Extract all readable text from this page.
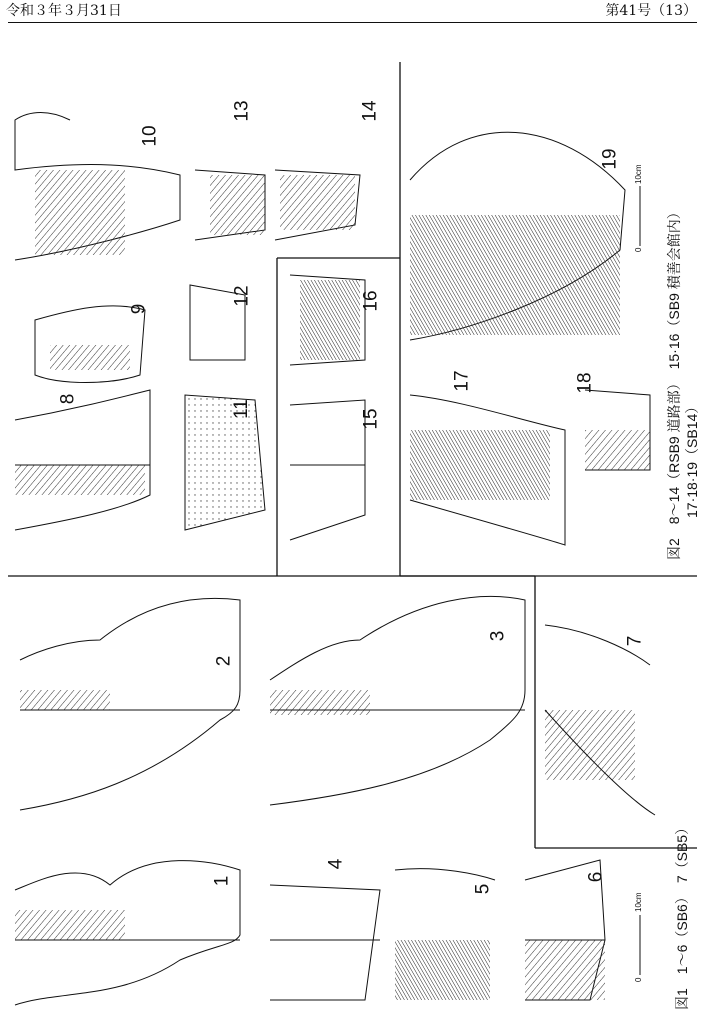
令和３年３月31日	第41号（13）
1
2
3
4
5
6
7
8
9
10
11
12
13	14
15
16
17	18
19
0
10cm
0
10cm
図1　1～6（SB6）　7（SB5）
図2　8～14（RSB9 道路部）　15·16（SB9 積善会館内） 17·18·19（SB14）
